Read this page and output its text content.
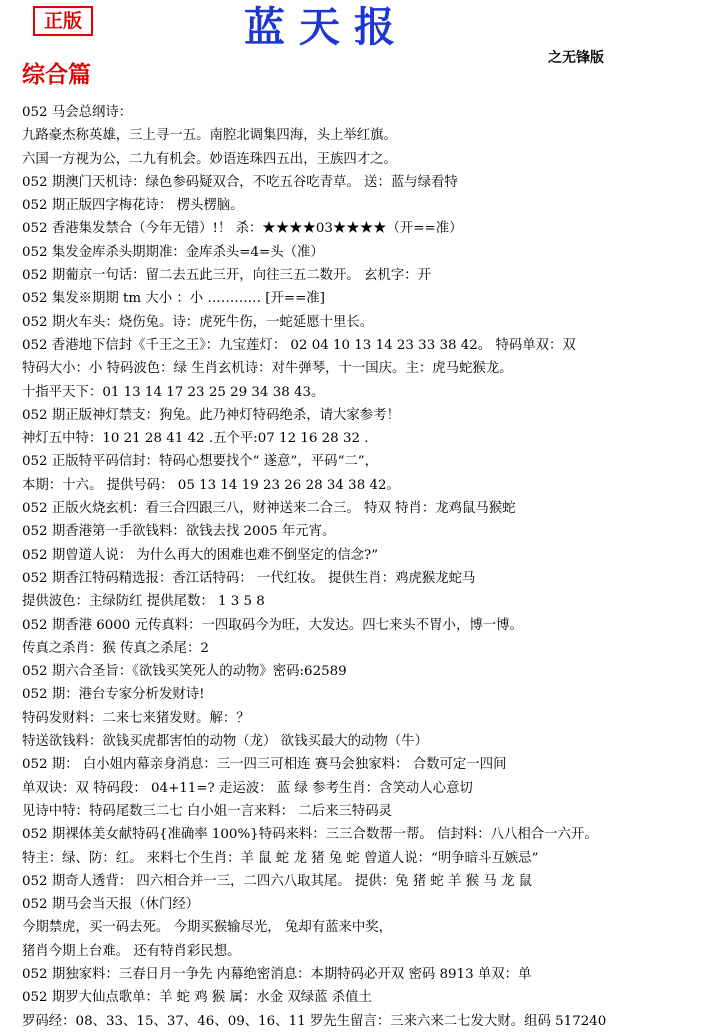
正版	蓝天报
之无锋版
综合篇
052 马会总纲诗：
九路豪杰称英雄，三上寻一五。南腔北调集四海，头上举红旗。
六国一方视为公，二九有机会。妙语连珠四五出，王族四才之。
052 期澳门天机诗：绿色参码疑双合，不吃五谷吃青草。 送：蓝与绿看特
052 期正版四字梅花诗： 楞头楞脑。
052 香港集发禁合（今年无错）!！ 杀：★★★★03★★★★（开==准）
052 集发金库杀头期期准：金库杀头=4=头（准）
052 期葡京一句话：留二去五此三开，向往三五二数开。 玄机字：开
052 集发※期期 tm 大小 ：小 ………… [开==准]
052 期火车头：烧伤兔。诗：虎死牛伤，一蛇延愿十里长。
052 香港地下信封《千王之王》：九宝莲灯： 02 04 10 13 14 23 33 38 42。 特码单双：双
特码大小：小 特码波色：绿 生肖玄机诗：对牛弹琴，十一国庆。主：虎马蛇猴龙。
十指平天下：01 13 14 17 23 25 29 34 38 43。
052 期正版神灯禁支：狗兔。此乃神灯特码绝杀，请大家参考！
神灯五中特：10 21 28 41 42 .五个平:07 12 16 28 32 .
052 正版特平码信封：特码心想要找个“ 遂意”，平码“二”，
本期：十六。 提供号码： 05 13 14 19 23 26 28 34 38 42。
052 正版火烧玄机：看三合四跟三八，财神送来二合三。 特双 特肖：龙鸡鼠马猴蛇
052 期香港第一手欲钱料：欲钱去找 2005 年元宵。
052 期曾道人说： 为什么再大的困难也难不倒坚定的信念?”
052 期香江特码精选报：香江话特码： 一代红妆。 提供生肖：鸡虎猴龙蛇马
提供波色：主绿防红 提供尾数： 1 3 5 8
052 期香港 6000 元传真料：一四取码今为旺，大发达。四七来头不胃小，博一博。
传真之杀肖：猴 传真之杀尾：2
052 期六合圣旨：《欲钱买笑死人的动物》密码:62589
052 期：港台专家分析发财诗!
特码发财料：二来七来猪发财。解：？
特送欲钱料：欲钱买虎都害怕的动物（龙） 欲钱买最大的动物（牛）
052 期： 白小姐内幕亲身消息：三一四三可相连 赛马会独家料： 合数可定一四间
单双诀：双 特码段： 04+11=? 走运波： 蓝 绿 参考生肖：含笑动人心意切
见诗中特：特码尾数三二七 白小姐一言来料： 二后来三特码灵
052 期裸体美女献特码{准确率 100%}特码来料：三三合数帮一帮。 信封料：八八相合一六开。
特主：绿、防：红。 来料七个生肖：羊 鼠 蛇 龙 猪 兔 蛇 曾道人说：“明争暗斗互嫉忌”
052 期奇人透背： 四六相合并一三，二四六八取其尾。 提供：兔 猪 蛇 羊 猴 马 龙 鼠
052 期马会当天报（休门经）
今期禁虎，买一码去死。 今期买猴输尽光， 兔却有蓝来中奖，
猪肖今期上台难。 还有特肖彩民想。
052 期独家料：三春日月一争先 内幕绝密消息：本期特码必开双 密码 8913 单双：单
052 期罗大仙点歌单：羊 蛇 鸡 猴 属：水金 双绿蓝 杀值土
罗码经：08、33、15、37、46、09、16、11 罗先生留言：三来六来二七发大财。组码 517240
